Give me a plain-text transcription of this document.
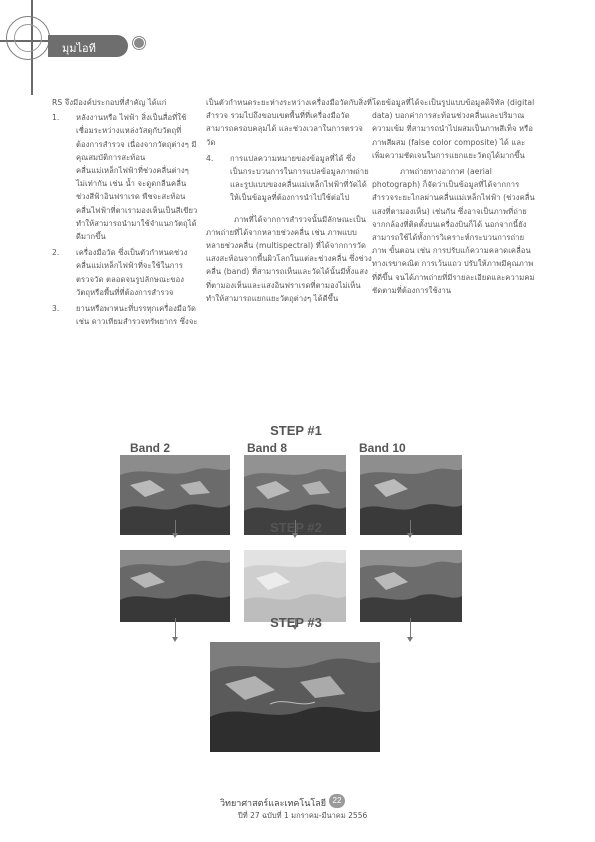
มุมไอที

RS จึงมีองค์ประกอบที่สำคัญ ได้แก่

1. หลังงานหรือ ไฟฟ้า สิ่งเป็นสื่อที่ใช้เชื่อมระหว่างแหล่งวัสดุกับวัตถุที่ต้องการสำรวจ เนื่องจากวัตถุต่างๆ มีคุณสมบัติการสะท้อนคลื่นแม่เหล็กไฟฟ้าที่ช่วงคลื่นต่างๆ ไม่เท่ากัน เช่น น้ำ จะดูดกลืนคลื่นช่วงสีฟ้าอินฟราเรด พืชจะสะท้อนคลื่นไฟฟ้าที่ตาเรามองเห็นเป็นสีเขียว ทำให้สามารถนำมาใช้จำแนกวัตถุได้ดีมากขึ้น

2. เครื่องมือวัด ซึ่งเป็นตัวกำหนดช่วงคลื่นแม่เหล็กไฟฟ้าที่จะใช้ในการตรวจวัด ตลอดจนรูปลักษณะของวัตถุหรือพื้นที่ที่ต้องการสำรวจ

3. ยานหรือพาหนะที่บรรทุกเครื่องมือวัด เช่น ดาวเทียมสำรวจทรัพยากร ซึ่งจะ

เป็นตัวกำหนดระยะห่างระหว่างเครื่องมือวัดกับสิ่งที่สำรวจ รวมไปถึงขอบเขตพื้นที่ที่เครื่องมือวัดสามารถครอบคลุมได้ และช่วงเวลาในการตรวจวัด

4. การแปลความหมายของข้อมูลที่ได้ ซึ่งเป็นกระบวนการในการแปลข้อมูลภาพถ่าย และรูปแบบของคลื่นแม่เหล็กไฟฟ้าที่วัดได้ให้เป็นข้อมูลที่ต้องการนำไปใช้ต่อไป

ภาพที่ได้จากการสำรวจนั้นมีลักษณะเป็นภาพถ่ายที่ได้จากหลายช่วงคลื่น เช่น ภาพแบบหลายช่วงคลื่น (multispectral) ที่ได้จากการวัดแสงสะท้อนจากพื้นผิวโลกในแต่ละช่วงคลื่น ซึ่งช่วงคลื่น (band) ที่สามารถเห็นและวัดได้นั้นมีทั้งแสงที่ตามองเห็นและแสงอินฟราเรดที่ตามองไม่เห็น ทำให้สามารถแยกแยะวัตถุต่างๆ ได้ดีขึ้น

โดยข้อมูลที่ได้จะเป็นรูปแบบข้อมูลดิจิทัล (digital data) บอกค่าการสะท้อนช่วงคลื่นและปริมาณความเข้ม ที่สามารถนำไปผสมเป็นภาพสีเท็จ หรือภาพสีผสม (false color composite) ได้ และเพิ่มความชัดเจนในการแยกแยะวัตถุได้มากขึ้น

ภาพถ่ายทางอากาศ (aerial photograph) ก็จัดว่าเป็นข้อมูลที่ได้จากการสำรวจระยะไกลผ่านคลื่นแม่เหล็กไฟฟ้า (ช่วงคลื่นแสงที่ตามองเห็น) เช่นกัน ซึ่งอาจเป็นภาพที่ถ่ายจากกล้องที่ติดตั้งบนเครื่องบินก็ได้ นอกจากนี้ยังสามารถใช้ได้ทั้งการวิเคราะห์กระบวนการถ่ายภาพ ขั้นตอน เช่น การปรับแก้ความคลาดเคลื่อนทางเรขาคณิต การเว้นแถว ปรับให้ภาพมีคุณภาพที่ดีขึ้น จนได้ภาพถ่ายที่มีรายละเอียดและความคมชัดตามที่ต้องการใช้งาน

STEP #1
Band 2	Band 8	Band 10
STEP #2
STEP #3
วิทยาศาสตร์และเทคโนโลยี 22
ปีที่ 27 ฉบับที่ 1 มกราคม-มีนาคม 2556
